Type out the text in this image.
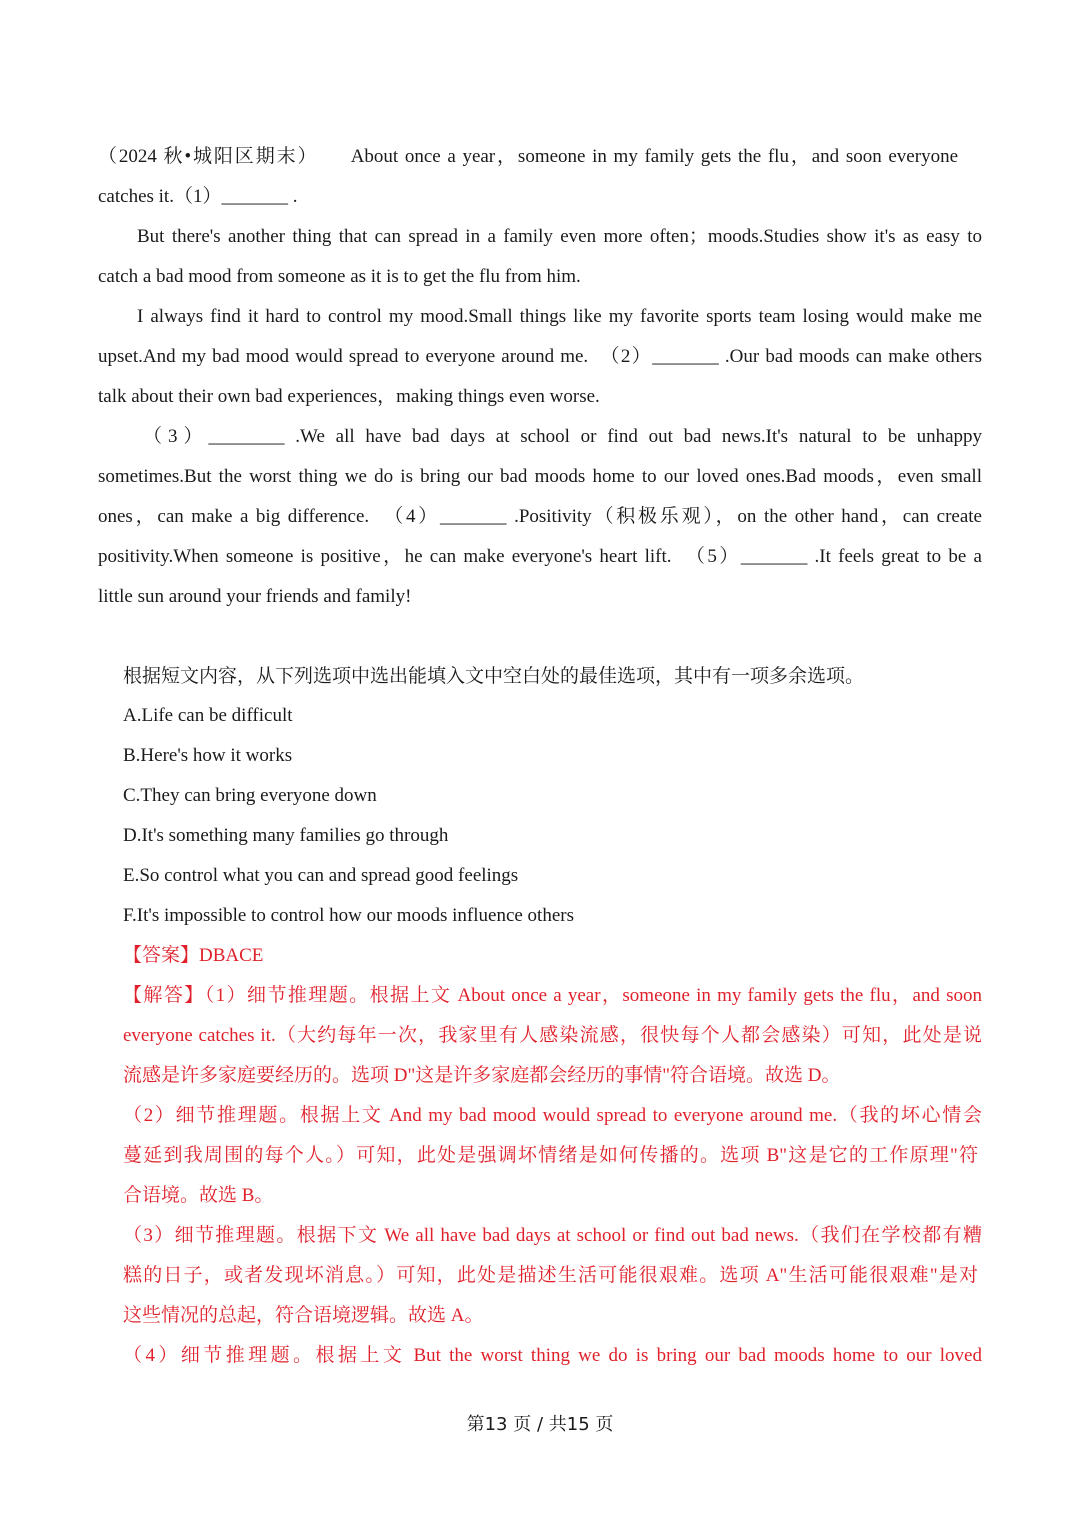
（2024 秋•城阳区期末）　　About once a year，someone in my family gets the flu，and soon everyone
catches it.（1）_______ .
But there's another thing that can spread in a family even more often；moods.Studies show it's as easy to
catch a bad mood from someone as it is to get the flu from him.
I always find it hard to control my mood.Small things like my favorite sports team losing would make me
upset.And my bad mood would spread to everyone around me.　（2）_______ .Our bad moods can make others
talk about their own bad experiences，making things even worse.
（3）________ .We all have bad days at school or find out bad news.It's natural to be unhappy
sometimes.But the worst thing we do is bring our bad moods home to our loved ones.Bad moods，even small
ones，can make a big difference.　（4）_______ .Positivity（积极乐观），on the other hand，can create
positivity.When someone is positive，he can make everyone's heart lift.　（5）_______ .It feels great to be a
little sun around your friends and family!
根据短文内容，从下列选项中选出能填入文中空白处的最佳选项，其中有一项多余选项。
A.Life can be difficult
B.Here's how it works
C.They can bring everyone down
D.It's something many families go through
E.So control what you can and spread good feelings
F.It's impossible to control how our moods influence others
【答案】DBACE
【解答】（1）细节推理题。根据上文 About once a year，someone in my family gets the flu，and soon
everyone catches it.（大约每年一次，我家里有人感染流感，很快每个人都会感染）可知，此处是说
流感是许多家庭要经历的。选项 D"这是许多家庭都会经历的事情"符合语境。故选 D。
（2）细节推理题。根据上文 And my bad mood would spread to everyone around me.（我的坏心情会
蔓延到我周围的每个人。）可知，此处是强调坏情绪是如何传播的。选项 B"这是它的工作原理"符
合语境。故选 B。
（3）细节推理题。根据下文 We all have bad days at school or find out bad news.（我们在学校都有糟
糕的日子，或者发现坏消息。）可知，此处是描述生活可能很艰难。选项 A"生活可能很艰难"是对
这些情况的总起，符合语境逻辑。故选 A。
（4）细节推理题。根据上文 But the worst thing we do is bring our bad moods home to our loved
第13 页 / 共15 页
